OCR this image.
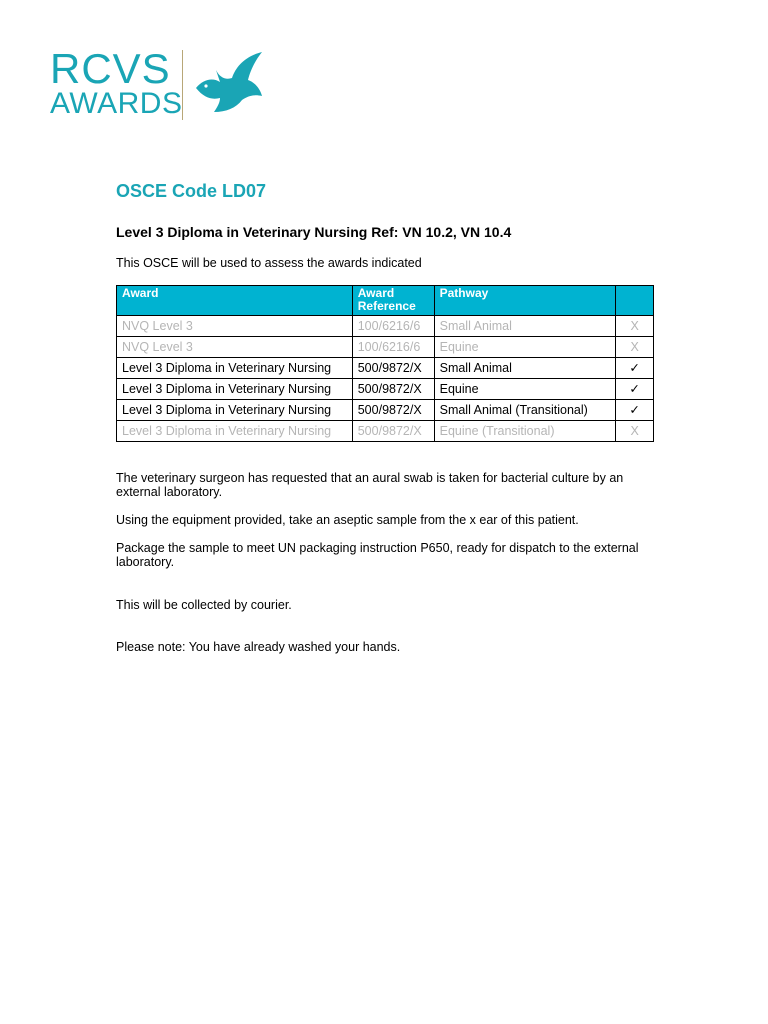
RCVS
AWARDS
OSCE Code LD07
Level 3 Diploma in Veterinary Nursing Ref: VN 10.2, VN 10.4
This OSCE will be used to assess the awards indicated
Award	Award Reference	Pathway	
NVQ Level 3	100/6216/6	Small Animal	X
NVQ Level 3	100/6216/6	Equine	X
Level 3 Diploma in Veterinary Nursing	500/9872/X	Small Animal	✓
Level 3 Diploma in Veterinary Nursing	500/9872/X	Equine	✓
Level 3 Diploma in Veterinary Nursing	500/9872/X	Small Animal (Transitional)	✓
Level 3 Diploma in Veterinary Nursing	500/9872/X	Equine (Transitional)	X
The veterinary surgeon has requested that an aural swab is taken for bacterial culture by an external laboratory.
Using the equipment provided, take an aseptic sample from the x ear of this patient.
Package the sample to meet UN packaging instruction P650, ready for dispatch to the external laboratory.
This will be collected by courier.
Please note: You have already washed your hands.
